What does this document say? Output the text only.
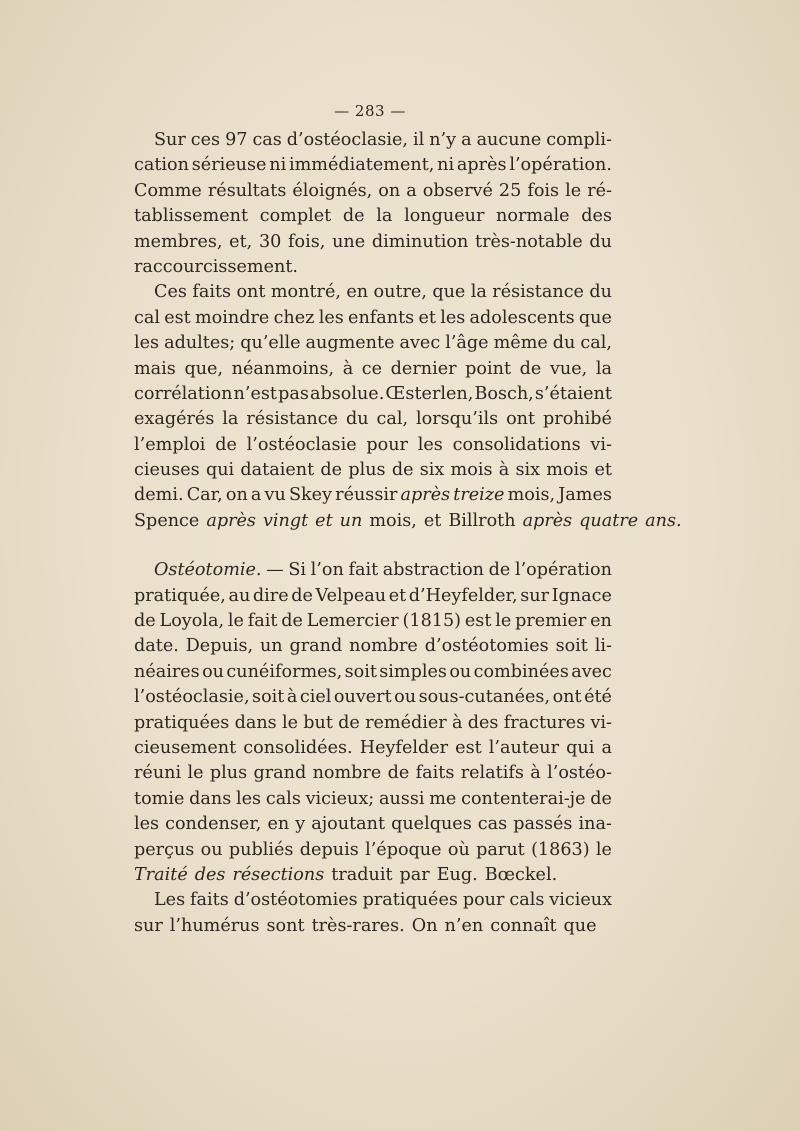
— 283 —
Sur ces 97 cas d’ostéoclasie, il n’y a aucune compli-
cation sérieuse ni immédiatement, ni après l’opération.
Comme résultats éloignés, on a observé 25 fois le ré-
tablissement complet de la longueur normale des
membres, et, 30 fois, une diminution très-notable du
raccourcissement.
Ces faits ont montré, en outre, que la résistance du
cal est moindre chez les enfants et les adolescents que
les adultes; qu’elle augmente avec l’âge même du cal,
mais que, néanmoins, à ce dernier point de vue, la
corrélation n’est pas absolue. Œsterlen, Bosch, s’étaient
exagérés la résistance du cal, lorsqu’ils ont prohibé
l’emploi de l’ostéoclasie pour les consolidations vi-
cieuses qui dataient de plus de six mois à six mois et
demi. Car, on a vu Skey réussir après treize mois, James
Spence après vingt et un mois, et Billroth après quatre ans.
Ostéotomie. — Si l’on fait abstraction de l’opération
pratiquée, au dire de Velpeau et d’Heyfelder, sur Ignace
de Loyola, le fait de Lemercier (1815) est le premier en
date. Depuis, un grand nombre d’ostéotomies soit li-
néaires ou cunéiformes, soit simples ou combinées avec
l’ostéoclasie, soit à ciel ouvert ou sous-cutanées, ont été
pratiquées dans le but de remédier à des fractures vi-
cieusement consolidées. Heyfelder est l’auteur qui a
réuni le plus grand nombre de faits relatifs à l’ostéo-
tomie dans les cals vicieux; aussi me contenterai-je de
les condenser, en y ajoutant quelques cas passés ina-
perçus ou publiés depuis l’époque où parut (1863) le
Traité des résections traduit par Eug. Bœckel.
Les faits d’ostéotomies pratiquées pour cals vicieux
sur l’humérus sont très-rares. On n’en connaît que
